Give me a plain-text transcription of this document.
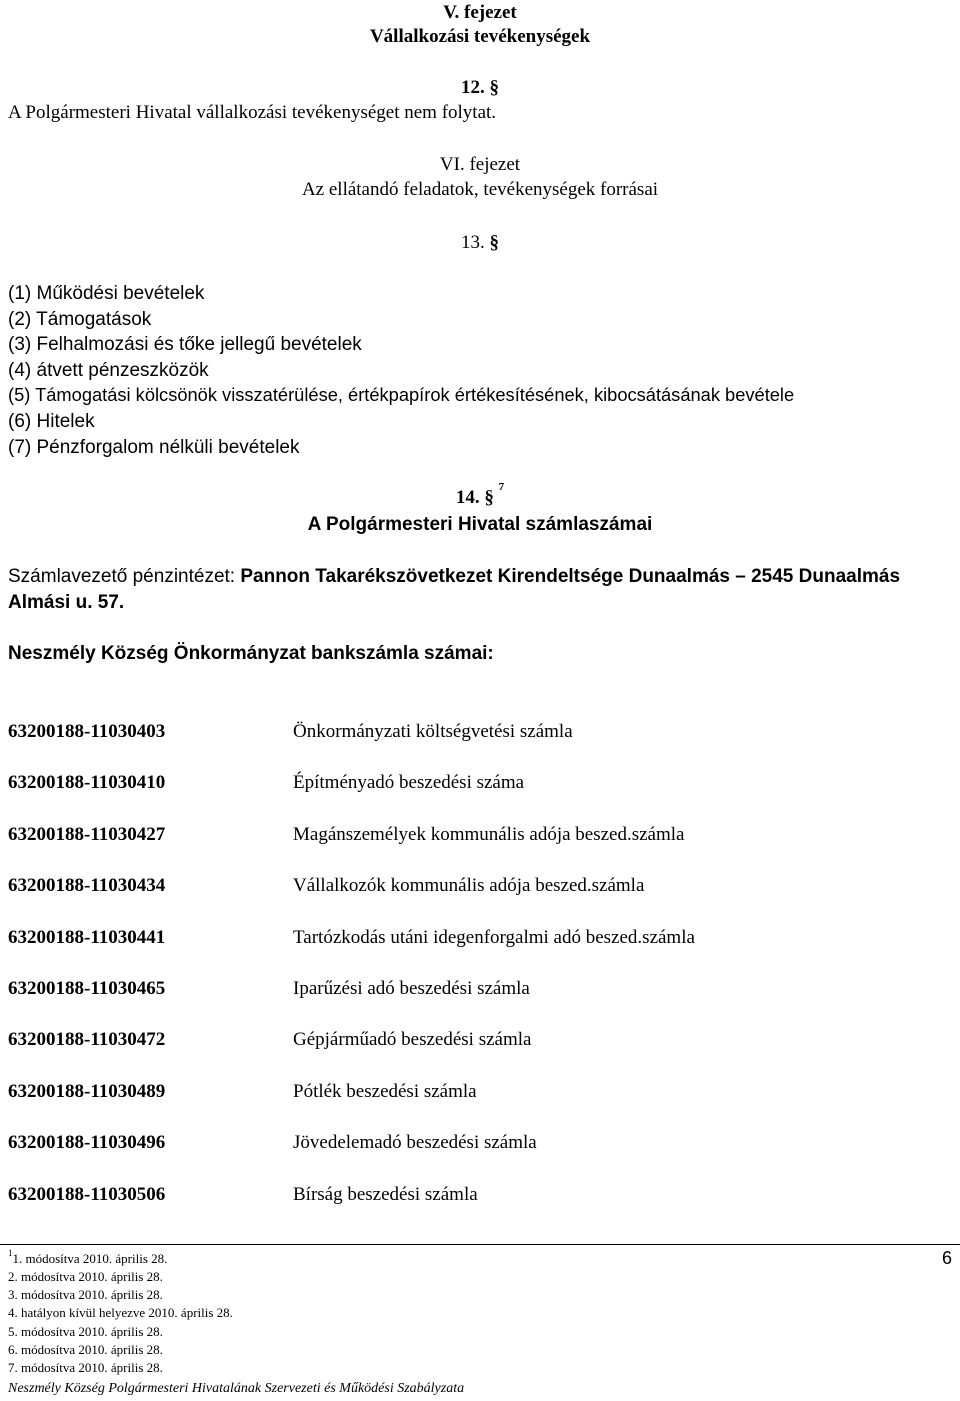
V. fejezet
Vállalkozási tevékenységek
12. §
A Polgármesteri Hivatal vállalkozási tevékenységet nem folytat.
VI. fejezet
Az ellátandó feladatok, tevékenységek forrásai
13. §
(1) Működési bevételek
(2) Támogatások
(3) Felhalmozási és tőke jellegű bevételek
(4) átvett pénzeszközök
(5) Támogatási kölcsönök visszatérülése, értékpapírok értékesítésének, kibocsátásának bevétele
(6) Hitelek
(7) Pénzforgalom nélküli bevételek
14. § $^7$
A Polgármesteri Hivatal számlaszámai
Számlavezető pénzintézet: Pannon Takarékszövetkezet Kirendeltsége Dunaalmás – 2545 Dunaalmás
Almási u. 57.
Neszmély Község Önkormányzat bankszámla számai:
63200188-11030403	Önkormányzati költségvetési számla
63200188-11030410	Építményadó beszedési száma
63200188-11030427	Magánszemélyek kommunális adója beszed.számla
63200188-11030434	Vállalkozók kommunális adója beszed.számla
63200188-11030441	Tartózkodás utáni idegenforgalmi adó beszed.számla
63200188-11030465	Iparűzési adó beszedési számla
63200188-11030472	Gépjárműadó beszedési számla
63200188-11030489	Pótlék beszedési számla
63200188-11030496	Jövedelemadó beszedési számla
63200188-11030506	Bírság beszedési számla
6
$^1$1. módosítva 2010. április 28.
2. módosítva 2010. április 28.
3. módosítva 2010. április 28.
4. hatályon kívül helyezve 2010. április 28.
5. módosítva 2010. április 28.
6. módosítva 2010. április 28.
7. módosítva 2010. április 28.
Neszmély Község Polgármesteri Hivatalának Szervezeti és Működési Szabályzata
